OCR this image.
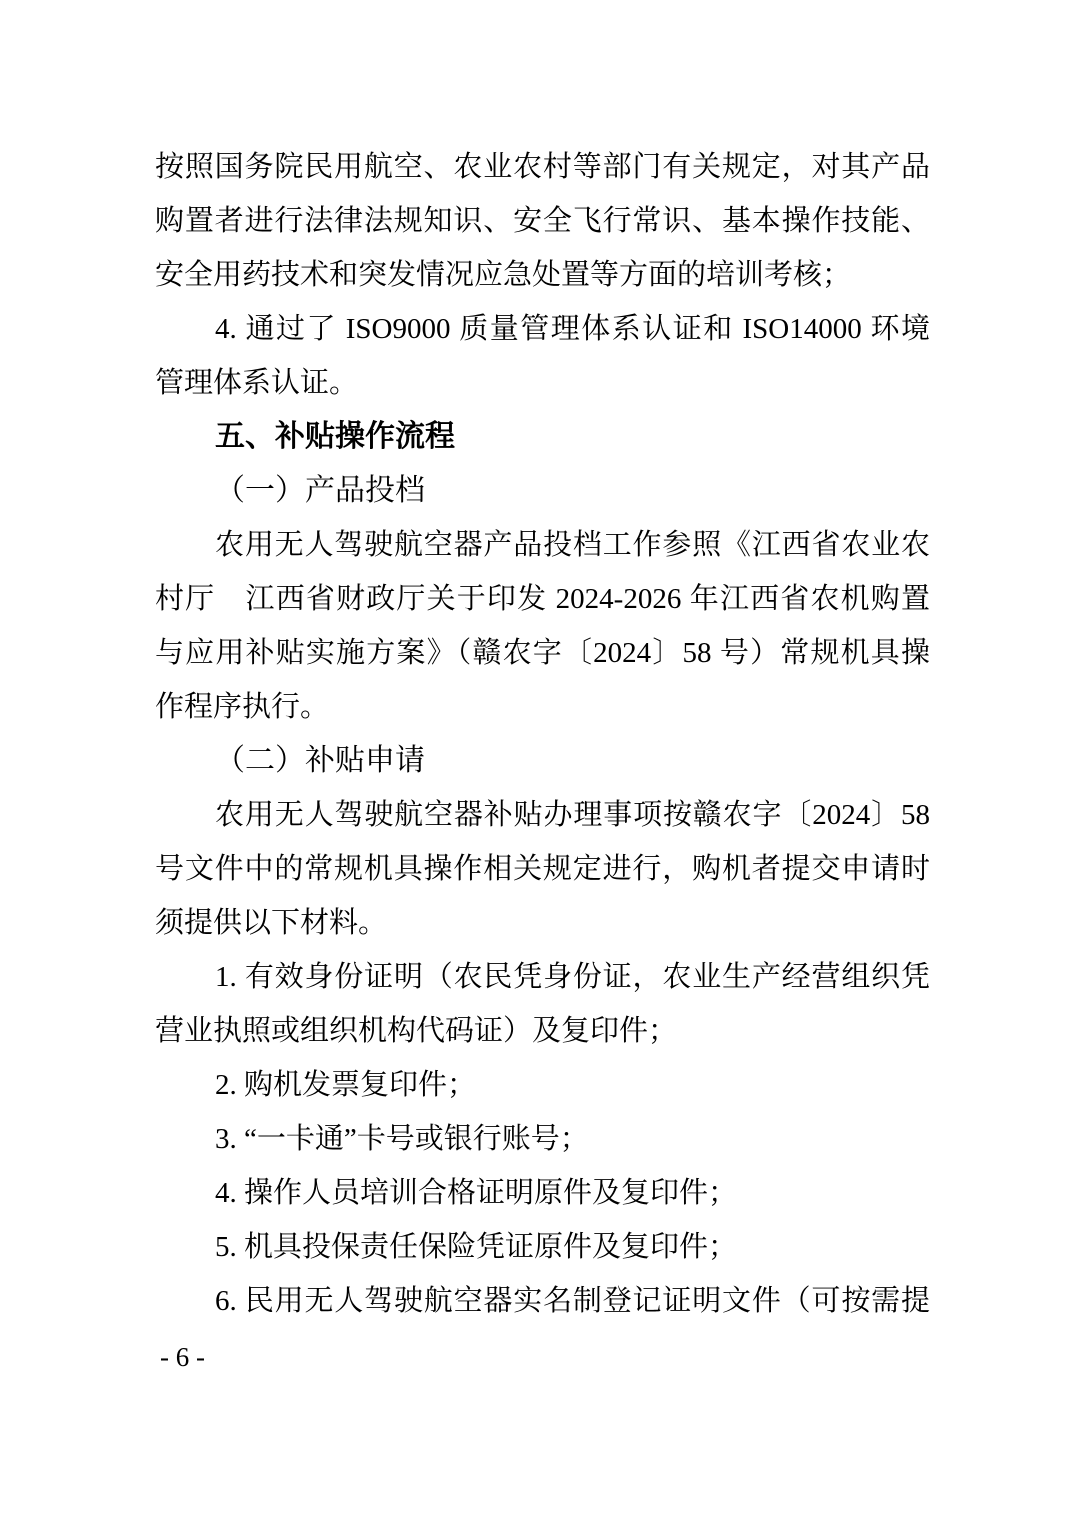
按照国务院民用航空、农业农村等部门有关规定，对其产品
购置者进行法律法规知识、安全飞行常识、基本操作技能、
安全用药技术和突发情况应急处置等方面的培训考核；
4. 通过了 ISO9000 质量管理体系认证和 ISO14000 环境
管理体系认证。
五、补贴操作流程
（一）产品投档
农用无人驾驶航空器产品投档工作参照《江西省农业农
村厅　江西省财政厅关于印发 2024-2026 年江西省农机购置
与应用补贴实施方案》（赣农字〔2024〕58 号）常规机具操
作程序执行。
（二）补贴申请
农用无人驾驶航空器补贴办理事项按赣农字〔2024〕58
号文件中的常规机具操作相关规定进行，购机者提交申请时
须提供以下材料。
1. 有效身份证明（农民凭身份证，农业生产经营组织凭
营业执照或组织机构代码证）及复印件；
2. 购机发票复印件；
3. “一卡通”卡号或银行账号；
4. 操作人员培训合格证明原件及复印件；
5. 机具投保责任保险凭证原件及复印件；
6. 民用无人驾驶航空器实名制登记证明文件（可按需提
- 6 -
